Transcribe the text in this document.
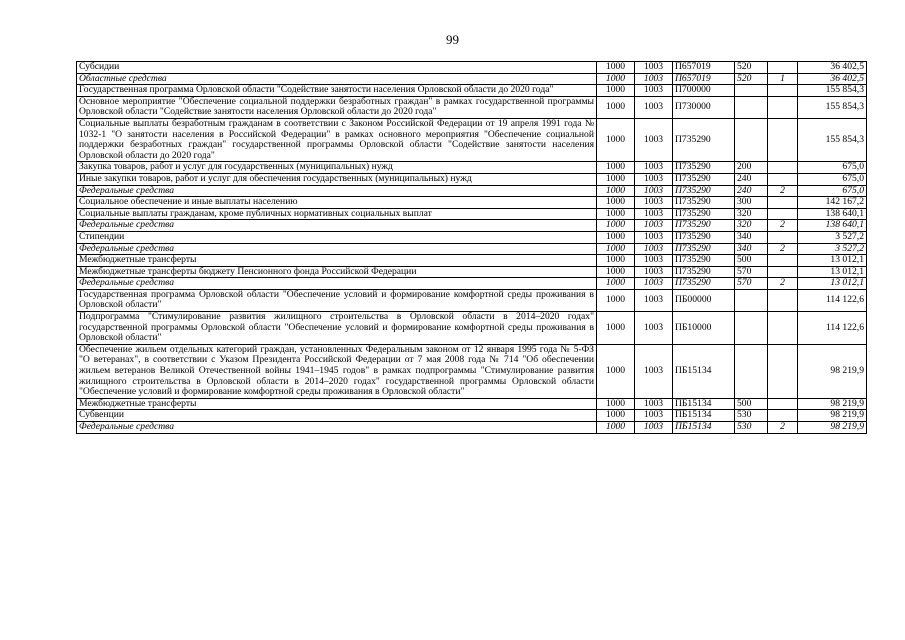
99
Субсидии	1000	1003	П657019	520		36 402,5
Областные средства	1000	1003	П657019	520	1	36 402,5
Государственная программа Орловской области "Содействие занятости населения Орловской области до 2020 года"	1000	1003	П700000			155 854,3
Основное мероприятие "Обеспечение социальной поддержки безработных граждан" в рамках государственной программы Орловской области "Содействие занятости населения Орловской области до 2020 года"	1000	1003	П730000			155 854,3
Социальные выплаты безработным гражданам в соответствии с Законом Российской Федерации от 19 апреля 1991 года № 1032-1 "О занятости населения в Российской Федерации" в рамках основного мероприятия "Обеспечение социальной поддержки безработных граждан" государственной программы Орловской области "Содействие занятости населения Орловской области до 2020 года"	1000	1003	П735290			155 854,3
Закупка товаров, работ и услуг для государственных (муниципальных) нужд	1000	1003	П735290	200		675,0
Иные закупки товаров, работ и услуг для обеспечения государственных (муниципальных) нужд	1000	1003	П735290	240		675,0
Федеральные средства	1000	1003	П735290	240	2	675,0
Социальное обеспечение и иные выплаты населению	1000	1003	П735290	300		142 167,2
Социальные выплаты гражданам, кроме публичных нормативных социальных выплат	1000	1003	П735290	320		138 640,1
Федеральные средства	1000	1003	П735290	320	2	138 640,1
Стипендии	1000	1003	П735290	340		3 527,2
Федеральные средства	1000	1003	П735290	340	2	3 527,2
Межбюджетные трансферты	1000	1003	П735290	500		13 012,1
Межбюджетные трансферты бюджету Пенсионного фонда Российской Федерации	1000	1003	П735290	570		13 012,1
Федеральные средства	1000	1003	П735290	570	2	13 012,1
Государственная программа Орловской области "Обеспечение условий и формирование комфортной среды проживания в Орловской области"	1000	1003	ПБ00000			114 122,6
Подпрограмма "Стимулирование развития жилищного строительства в Орловской области в 2014–2020 годах" государственной программы Орловской области "Обеспечение условий и формирование комфортной среды проживания в Орловской области"	1000	1003	ПБ10000			114 122,6
Обеспечение жильем отдельных категорий граждан, установленных Федеральным законом от 12 января 1995 года № 5-ФЗ "О ветеранах", в соответствии с Указом Президента Российской Федерации от 7 мая 2008 года № 714 "Об обеспечении жильем ветеранов Великой Отечественной войны 1941–1945 годов" в рамках подпрограммы "Стимулирование развития жилищного строительства в Орловской области в 2014–2020 годах" государственной программы Орловской области "Обеспечение условий и формирование комфортной среды проживания в Орловской области"	1000	1003	ПБ15134			98 219,9
Межбюджетные трансферты	1000	1003	ПБ15134	500		98 219,9
Субвенции	1000	1003	ПБ15134	530		98 219,9
Федеральные средства	1000	1003	ПБ15134	530	2	98 219,9
